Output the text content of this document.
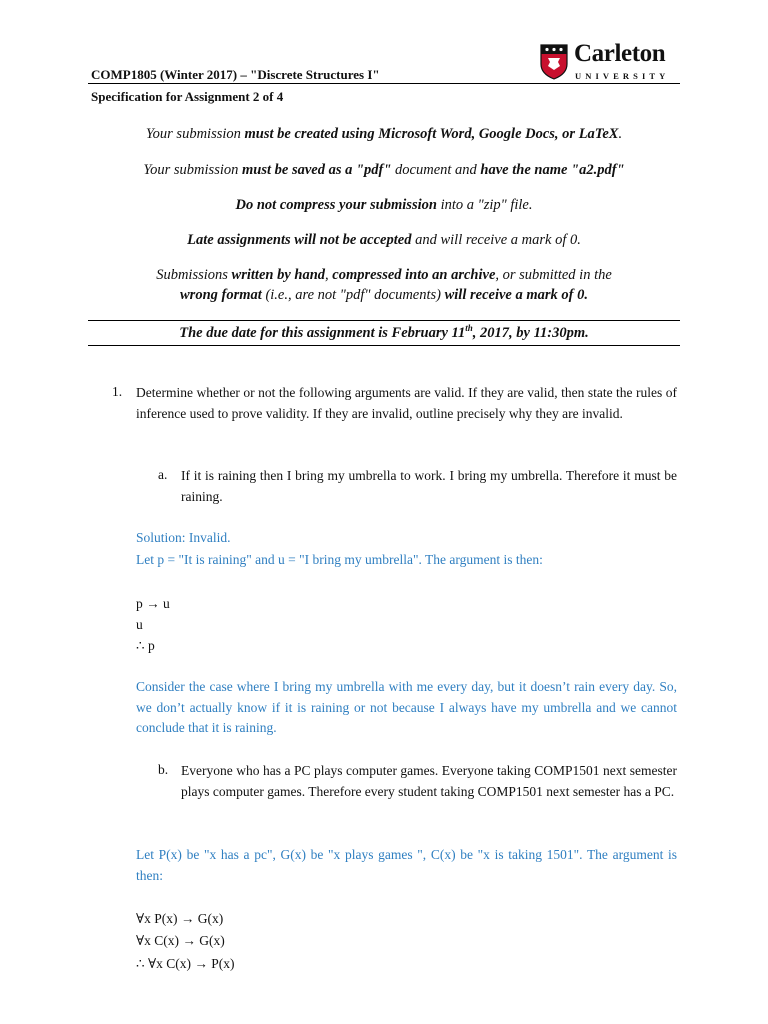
COMP1805 (Winter 2017) – "Discrete Structures I"
Specification for Assignment 2 of 4
Carleton
UNIVERSITY
Your submission must be created using Microsoft Word, Google Docs, or LaTeX.
Your submission must be saved as a "pdf" document and have the name "a2.pdf"
Do not compress your submission into a "zip" file.
Late assignments will not be accepted and will receive a mark of 0.
Submissions written by hand, compressed into an archive, or submitted in the
wrong format (i.e., are not "pdf" documents) will receive a mark of 0.
The due date for this assignment is February 11th, 2017, by 11:30pm.
1. Determine whether or not the following arguments are valid. If they are valid, then state the rules of inference used to prove validity. If they are invalid, outline precisely why they are invalid.
a. If it is raining then I bring my umbrella to work. I bring my umbrella. Therefore it must be raining.
Solution: Invalid.
Let p = "It is raining" and u = "I bring my umbrella". The argument is then:
p → u
u
∴ p
Consider the case where I bring my umbrella with me every day, but it doesn’t rain every day. So, we don’t actually know if it is raining or not because I always have my umbrella and we cannot conclude that it is raining.
b. Everyone who has a PC plays computer games. Everyone taking COMP1501 next semester plays computer games. Therefore every student taking COMP1501 next semester has a PC.
Let P(x) be "x has a pc", G(x) be "x plays games ", C(x) be "x is taking 1501". The argument is then:
∀x P(x) → G(x)
∀x C(x) → G(x)
∴ ∀x C(x) → P(x)
